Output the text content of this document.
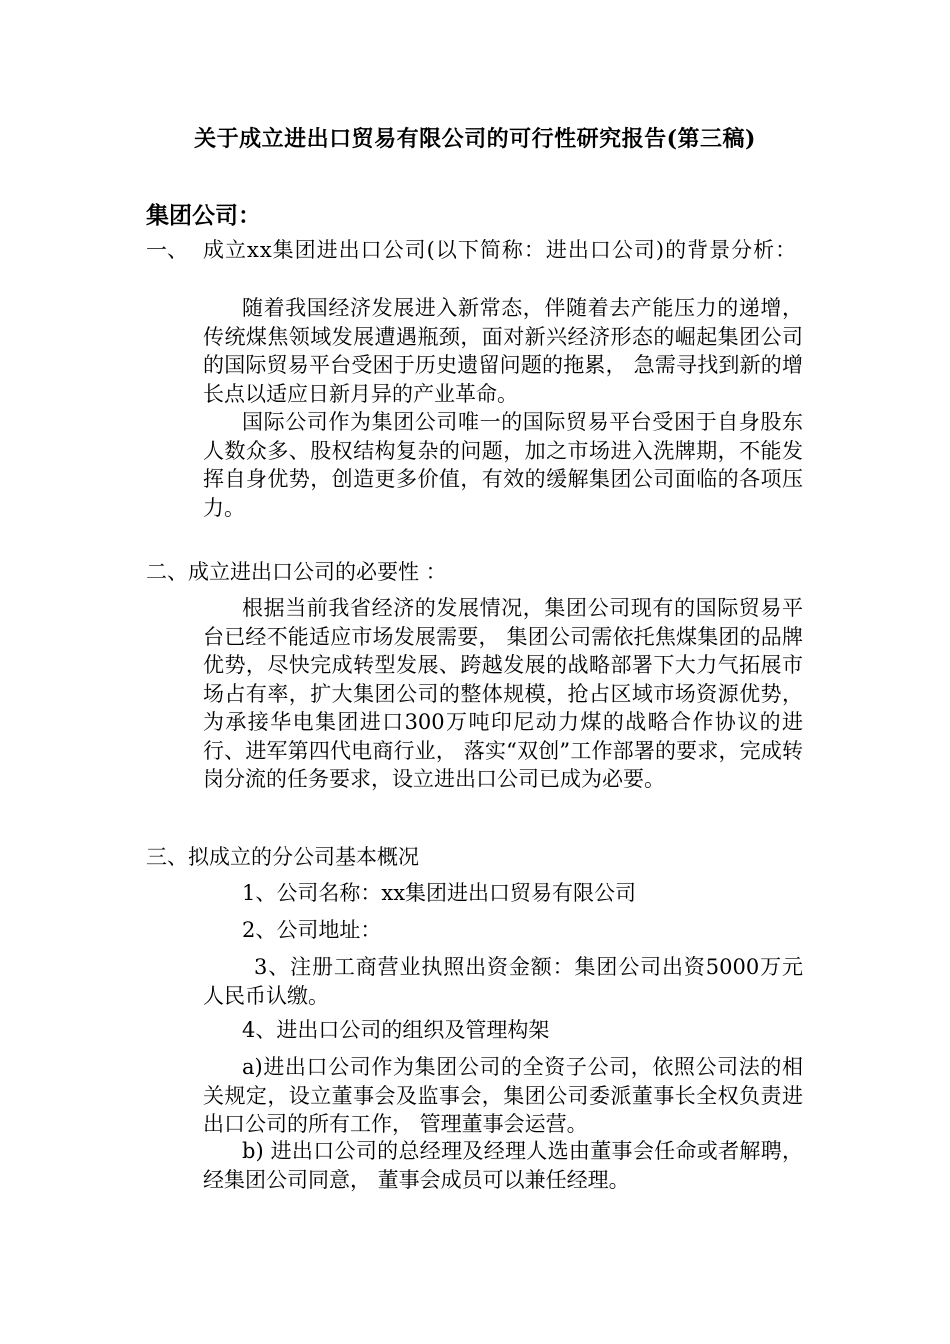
关于成立进出口贸易有限公司的可行性研究报告(第三稿)
集团公司：
一、 成立xx集团进出口公司(以下简称：进出口公司)的背景分析：
随着我国经济发展进入新常态，伴随着去产能压力的递增，传统煤焦领域发展遭遇瓶颈，面对新兴经济形态的崛起集团公司的国际贸易平台受困于历史遗留问题的拖累， 急需寻找到新的增长点以适应日新月异的产业革命。
国际公司作为集团公司唯一的国际贸易平台受困于自身股东人数众多、股权结构复杂的问题，加之市场进入洗牌期，不能发挥自身优势，创造更多价值，有效的缓解集团公司面临的各项压力。
二、成立进出口公司的必要性 ：
根据当前我省经济的发展情况，集团公司现有的国际贸易平台已经不能适应市场发展需要， 集团公司需依托焦煤集团的品牌优势，尽快完成转型发展、跨越发展的战略部署下大力气拓展市场占有率，扩大集团公司的整体规模，抢占区域市场资源优势， 为承接华电集团进口300万吨印尼动力煤的战略合作协议的进行、进军第四代电商行业， 落实“双创”工作部署的要求，完成转岗分流的任务要求，设立进出口公司已成为必要。
三、拟成立的分公司基本概况
1、公司名称：xx集团进出口贸易有限公司
2、公司地址：
3、注册工商营业执照出资金额：集团公司出资5000万元人民币认缴。
4、进出口公司的组织及管理构架
a)进出口公司作为集团公司的全资子公司，依照公司法的相关规定，设立董事会及监事会，集团公司委派董事长全权负责进出口公司的所有工作， 管理董事会运营。
b) 进出口公司的总经理及经理人选由董事会任命或者解聘， 经集团公司同意， 董事会成员可以兼任经理。
